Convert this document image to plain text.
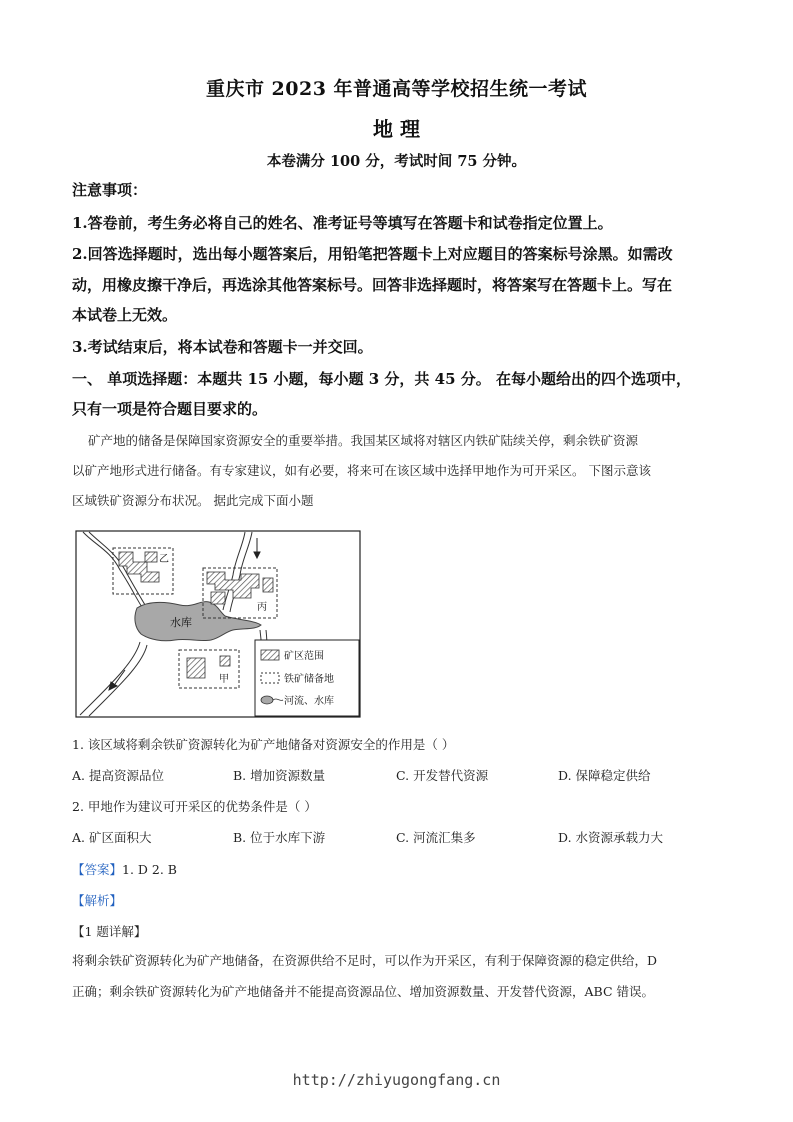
重庆市 2023 年普通高等学校招生统一考试
地 理
本卷满分 100 分，考试时间 75 分钟。
注意事项：
1.答卷前，考生务必将自己的姓名、准考证号等填写在答题卡和试卷指定位置上。
2.回答选择题时，选出每小题答案后，用铅笔把答题卡上对应题目的答案标号涂黑。如需改
动，用橡皮擦干净后，再选涂其他答案标号。回答非选择题时，将答案写在答题卡上。写在
本试卷上无效。
3.考试结束后，将本试卷和答题卡一并交回。
一、 单项选择题：本题共 15 小题，每小题 3 分，共 45 分。 在每小题给出的四个选项中，
只有一项是符合题目要求的。
矿产地的储备是保障国家资源安全的重要举措。我国某区域将对辖区内铁矿陆续关停，剩余铁矿资源
以矿产地形式进行储备。有专家建议，如有必要，将来可在该区域中选择甲地作为可开采区。 下图示意该
区域铁矿资源分布状况。 据此完成下面小题
水库
乙
丙
甲
矿区范围
铁矿储备地
河流、水库
1. 该区域将剩余铁矿资源转化为矿产地储备对资源安全的作用是（ ）
A. 提高资源品位	B. 增加资源数量	C. 开发替代资源	D. 保障稳定供给
2. 甲地作为建议可开采区的优势条件是（ ）
A. 矿区面积大	B. 位于水库下游	C. 河流汇集多	D. 水资源承载力大
【答案】1. D 2. B
【解析】
【1 题详解】
将剩余铁矿资源转化为矿产地储备，在资源供给不足时，可以作为开采区，有利于保障资源的稳定供给，D
正确；剩余铁矿资源转化为矿产地储备并不能提高资源品位、增加资源数量、开发替代资源，ABC 错误。
http://zhiyugongfang.cn
